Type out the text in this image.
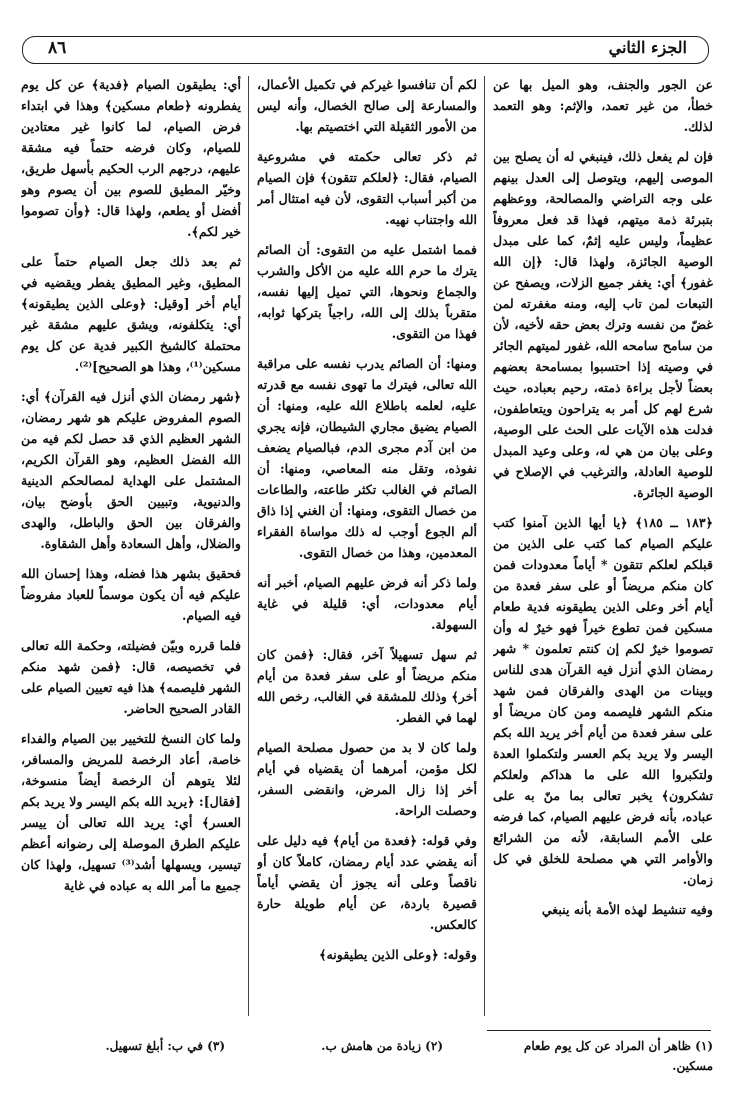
٨٦	الجزء الثاني

عن الجور والجنف، وهو الميل بها عن خطأ، من غير تعمد، والإثم: وهو التعمد لذلك.

فإن لم يفعل ذلك، فينبغي له أن يصلح بين الموصى إليهم، ويتوصل إلى العدل بينهم على وجه التراضي والمصالحة، ووعظهم بتبرئة ذمة ميتهم، فهذا قد فعل معروفاً عظيماً، وليس عليه إثمٌ، كما على مبدل الوصية الجائزة، ولهذا قال: ﴿إن الله غفور﴾ أي: يغفر جميع الزلات، ويصفح عن التبعات لمن تاب إليه، ومنه مغفرته لمن غضّ من نفسه وترك بعض حقه لأخيه، لأن من سامح سامحه الله، غفور لميتهم الجائر في وصيته إذا احتسبوا بمسامحة بعضهم بعضاً لأجل براءة ذمته، رحيم بعباده، حيث شرع لهم كل أمر به يتراحون ويتعاطفون، فدلت هذه الآيات على الحث على الوصية، وعلى بيان من هي له، وعلى وعيد المبدل للوصية العادلة، والترغيب في الإصلاح في الوصية الجائرة.

﴿١٨٣ ــ ١٨٥﴾ ﴿يا أيها الذين آمنوا كتب عليكم الصيام كما كتب على الذين من قبلكم لعلكم تتقون * أياماً معدودات فمن كان منكم مريضاً أو على سفر فعدة من أيام أخر وعلى الذين يطيقونه فدية طعام مسكين فمن تطوع خيراً فهو خيرٌ له وأن تصوموا خيرٌ لكم إن كنتم تعلمون * شهر رمضان الذي أنزل فيه القرآن هدى للناس وبينات من الهدى والفرقان فمن شهد منكم الشهر فليصمه ومن كان مريضاً أو على سفر فعدة من أيام أخر يريد الله بكم اليسر ولا يريد بكم العسر ولتكملوا العدة ولتكبروا الله على ما هداكم ولعلكم تشكرون﴾ يخبر تعالى بما منّ به على عباده، بأنه فرض عليهم الصيام، كما فرضه على الأمم السابقة، لأنه من الشرائع والأوامر التي هي مصلحة للخلق في كل زمان.

وفيه تنشيط لهذه الأمة بأنه ينبغي

لكم أن تنافسوا غيركم في تكميل الأعمال، والمسارعة إلى صالح الخصال، وأنه ليس من الأمور الثقيلة التي اختصيتم بها.

ثم ذكر تعالى حكمته في مشروعية الصيام، فقال: ﴿لعلكم تتقون﴾ فإن الصيام من أكبر أسباب التقوى، لأن فيه امتثال أمر الله واجتناب نهيه.

فمما اشتمل عليه من التقوى: أن الصائم يترك ما حرم الله عليه من الأكل والشرب والجماع ونحوها، التي تميل إليها نفسه، متقرباً بذلك إلى الله، راجياً بتركها ثوابه، فهذا من التقوى.

ومنها: أن الصائم يدرب نفسه على مراقبة الله تعالى، فيترك ما تهوى نفسه مع قدرته عليه، لعلمه باطلاع الله عليه، ومنها: أن الصيام يضيق مجاري الشيطان، فإنه يجري من ابن آدم مجرى الدم، فبالصيام يضعف نفوذه، وتقل منه المعاصي، ومنها: أن الصائم في الغالب تكثر طاعته، والطاعات من خصال التقوى، ومنها: أن الغني إذا ذاق ألم الجوع أوجب له ذلك مواساة الفقراء المعدمين، وهذا من خصال التقوى.

ولما ذكر أنه فرض عليهم الصيام، أخبر أنه أيام معدودات، أي: قليلة في غاية السهولة.

ثم سهل تسهيلاً آخر، فقال: ﴿فمن كان منكم مريضاً أو على سفر فعدة من أيام أخر﴾ وذلك للمشقة في الغالب، رخص الله لهما في الفطر.

ولما كان لا بد من حصول مصلحة الصيام لكل مؤمن، أمرهما أن يقضياه في أيام أخر إذا زال المرض، وانقضى السفر، وحصلت الراحة.

وفي قوله: ﴿فعدة من أيام﴾ فيه دليل على أنه يقضي عدد أيام رمضان، كاملاً كان أو ناقصاً وعلى أنه يجوز أن يقضي أياماً قصيرة باردة، عن أيام طويلة حارة كالعكس.

وقوله: ﴿وعلى الذين يطيقونه﴾

أي: يطيقون الصيام ﴿فدية﴾ عن كل يوم يفطرونه ﴿طعام مسكين﴾ وهذا في ابتداء فرض الصيام، لما كانوا غير معتادين للصيام، وكان فرضه حتماً فيه مشقة عليهم، درجهم الرب الحكيم بأسهل طريق، وخيّر المطيق للصوم بين أن يصوم وهو أفضل أو يطعم، ولهذا قال: ﴿وأن تصوموا خير لكم﴾.

ثم بعد ذلك جعل الصيام حتماً على المطيق، وغير المطيق يفطر ويقضيه في أيام أخر [وقيل: ﴿وعلى الذين يطيقونه﴾ أي: يتكلفونه، ويشق عليهم مشقة غير محتملة كالشيخ الكبير فدية عن كل يوم مسكين⁽¹⁾، وهذا هو الصحيح]⁽²⁾.

﴿شهر رمضان الذي أنزل فيه القرآن﴾ أي: الصوم المفروض عليكم هو شهر رمضان، الشهر العظيم الذي قد حصل لكم فيه من الله الفضل العظيم، وهو القرآن الكريم، المشتمل على الهداية لمصالحكم الدينية والدنيوية، وتبيين الحق بأوضح بيان، والفرقان بين الحق والباطل، والهدى والضلال، وأهل السعادة وأهل الشقاوة.

فحقيق بشهر هذا فضله، وهذا إحسان الله عليكم فيه أن يكون موسماً للعباد مفروضاً فيه الصيام.

فلما قرره وبيّن فضيلته، وحكمة الله تعالى في تخصيصه، قال: ﴿فمن شهد منكم الشهر فليصمه﴾ هذا فيه تعيين الصيام على القادر الصحيح الحاضر.

ولما كان النسخ للتخيير بين الصيام والفداء خاصة، أعاد الرخصة للمريض والمسافر، لئلا يتوهم أن الرخصة أيضاً منسوخة، [فقال]: ﴿يريد الله بكم اليسر ولا يريد بكم العسر﴾ أي: يريد الله تعالى أن ييسر عليكم الطرق الموصلة إلى رضوانه أعظم تيسير، ويسهلها أشد⁽³⁾ تسهيل، ولهذا كان جميع ما أمر الله به عباده في غاية

(١) ظاهر أن المراد عن كل يوم طعام مسكين.
(٢) زيادة من هامش ب.
(٣) في ب: أبلغ تسهيل.
